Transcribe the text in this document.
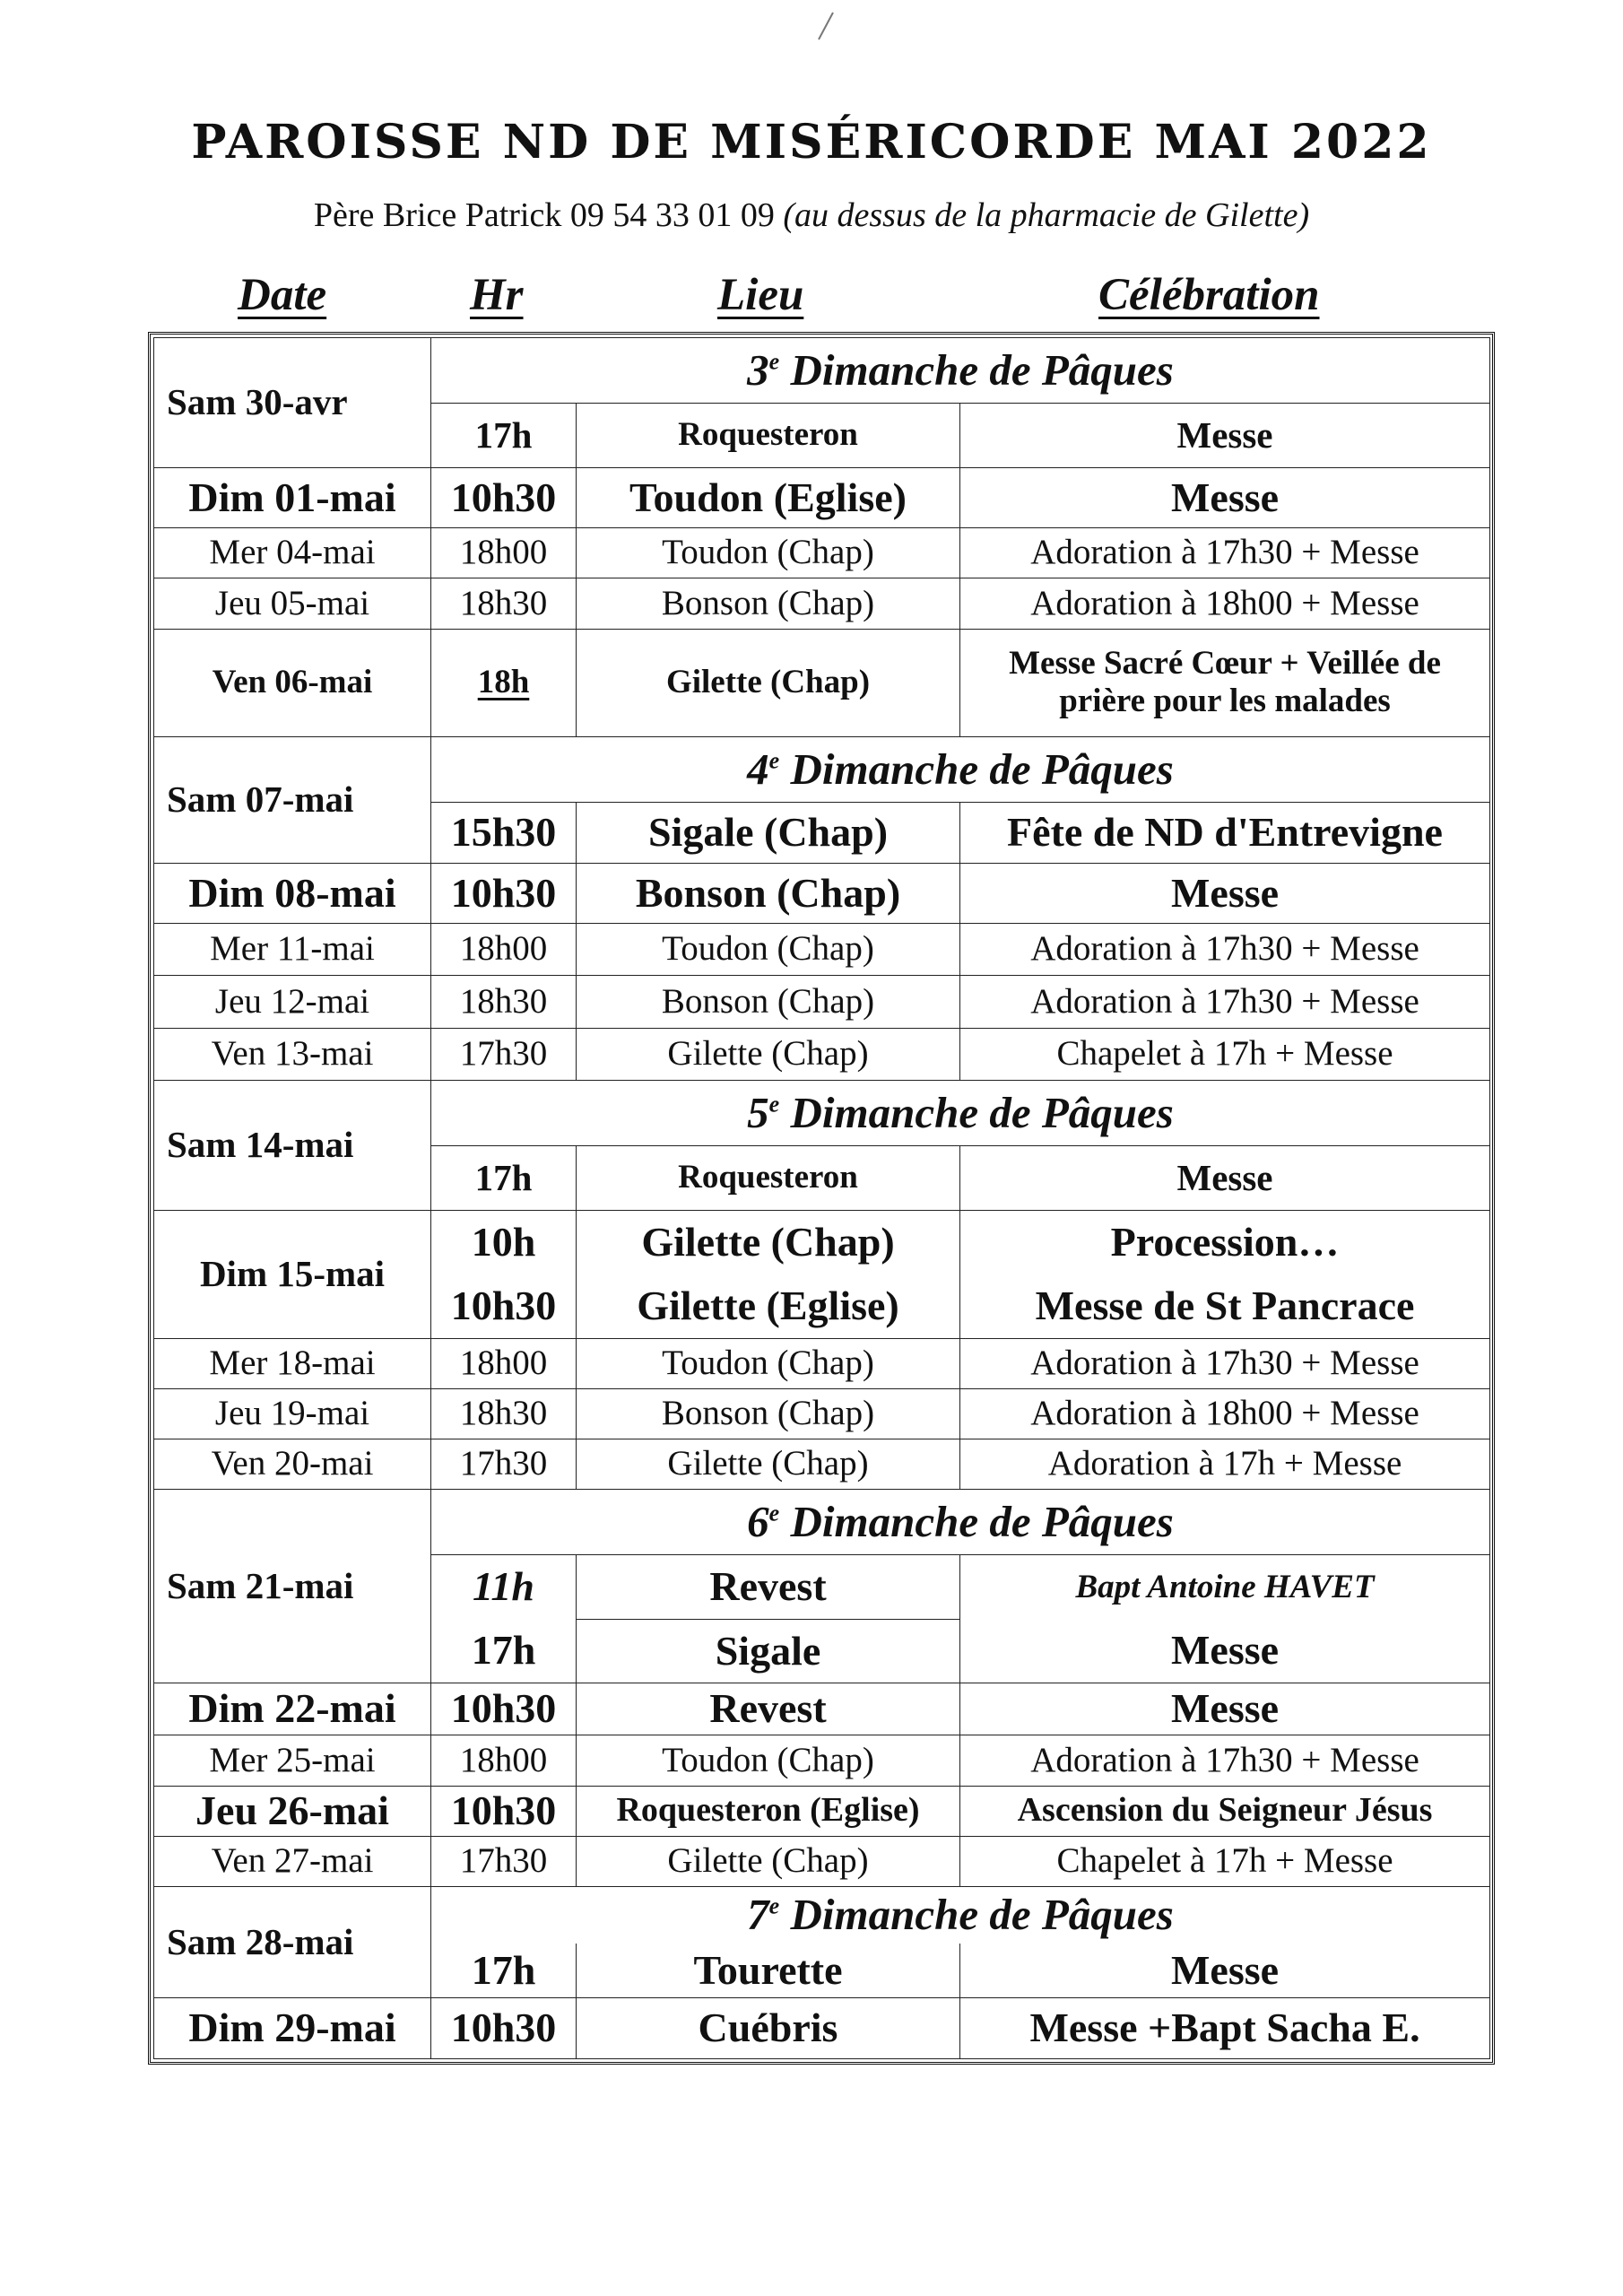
PAROISSE ND DE MISÉRICORDE MAI 2022
Père Brice Patrick 09 54 33 01 09 (au dessus de la pharmacie de Gilette)
Date	Hr	Lieu	Célébration
Sam 30-avr	3e Dimanche de Pâques		
	17h	Roquesteron	Messe
Dim 01-mai	10h30	Toudon (Eglise)	Messe
Mer 04-mai	18h00	Toudon (Chap)	Adoration à 17h30 + Messe
Jeu 05-mai	18h30	Bonson (Chap)	Adoration à 18h00 + Messe
Ven 06-mai	18h	Gilette (Chap)	Messe Sacré Cœur + Veillée de prière pour les malades
Sam 07-mai	4e Dimanche de Pâques		
	15h30	Sigale (Chap)	Fête de ND d'Entrevigne
Dim 08-mai	10h30	Bonson (Chap)	Messe
Mer 11-mai	18h00	Toudon (Chap)	Adoration à 17h30 + Messe
Jeu 12-mai	18h30	Bonson (Chap)	Adoration à 17h30 + Messe
Ven 13-mai	17h30	Gilette (Chap)	Chapelet à 17h + Messe
Sam 14-mai	5e Dimanche de Pâques		
	17h	Roquesteron	Messe
Dim 15-mai	10h	Gilette (Chap)	Procession…
	10h30	Gilette (Eglise)	Messe de St Pancrace
Mer 18-mai	18h00	Toudon (Chap)	Adoration à 17h30 + Messe
Jeu 19-mai	18h30	Bonson (Chap)	Adoration à 18h00 + Messe
Ven 20-mai	17h30	Gilette (Chap)	Adoration à 17h + Messe
Sam 21-mai	6e Dimanche de Pâques		
	11h	Revest	Bapt Antoine HAVET
	17h	Sigale	Messe
Dim 22-mai	10h30	Revest	Messe
Mer 25-mai	18h00	Toudon (Chap)	Adoration à 17h30 + Messe
Jeu 26-mai	10h30	Roquesteron (Eglise)	Ascension du Seigneur Jésus
Ven 27-mai	17h30	Gilette (Chap)	Chapelet à 17h + Messe
Sam 28-mai	7e Dimanche de Pâques		
	17h	Tourette	Messe
Dim 29-mai	10h30	Cuébris	Messe +Bapt Sacha E.
